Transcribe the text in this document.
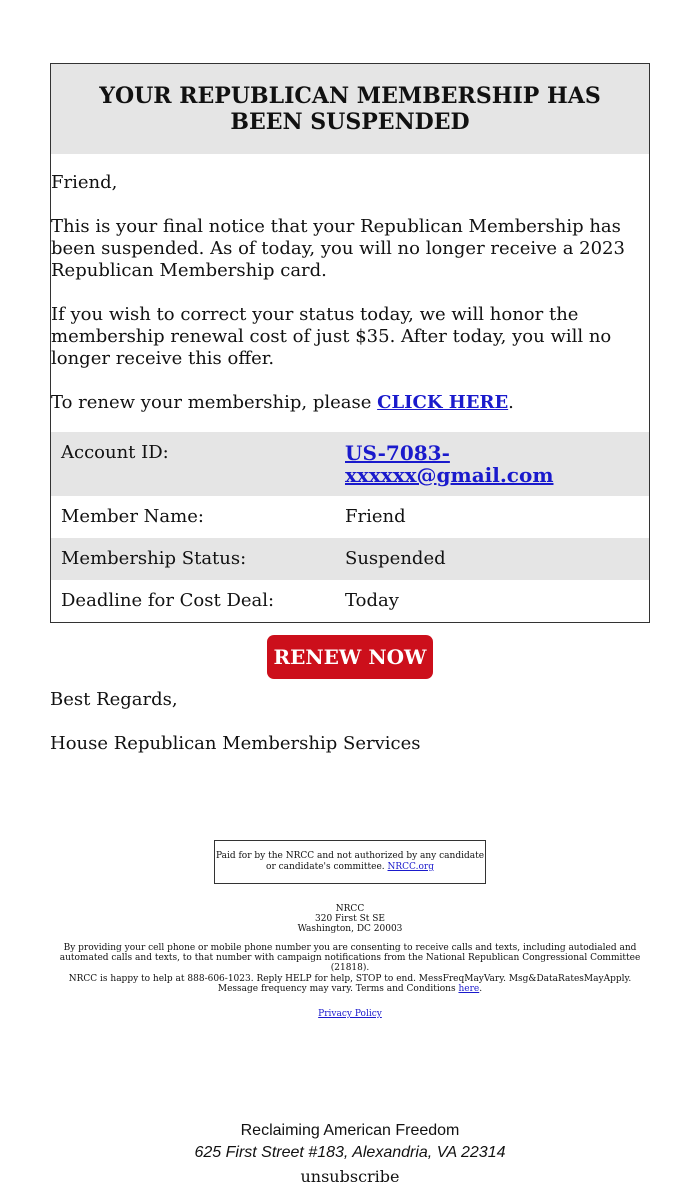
YOUR REPUBLICAN MEMBERSHIP HAS BEEN SUSPENDED

Friend,

This is your final notice that your Republican Membership has been suspended. As of today, you will no longer receive a 2023 Republican Membership card.

If you wish to correct your status today, we will honor the membership renewal cost of just $35. After today, you will no longer receive this offer.

To renew your membership, please CLICK HERE.

Account ID:	US-7083-xxxxxx@gmail.com
Member Name:	Friend
Membership Status:	Suspended
Deadline for Cost Deal:	Today
RENEW NOW

Best Regards,

House Republican Membership Services

Paid for by the NRCC and not authorized by any candidate or candidate's committee. NRCC.org
NRCC
320 First St SE
Washington, DC 20003
By providing your cell phone or mobile phone number you are consenting to receive calls and texts, including autodialed and automated calls and texts, to that number with campaign notifications from the National Republican Congressional Committee (21818).
NRCC is happy to help at 888-606-1023. Reply HELP for help, STOP to end. MessFreqMayVary. Msg&DataRatesMayApply. Message frequency may vary. Terms and Conditions here.
Privacy Policy
Reclaiming American Freedom
625 First Street #183, Alexandria, VA 22314
unsubscribe
